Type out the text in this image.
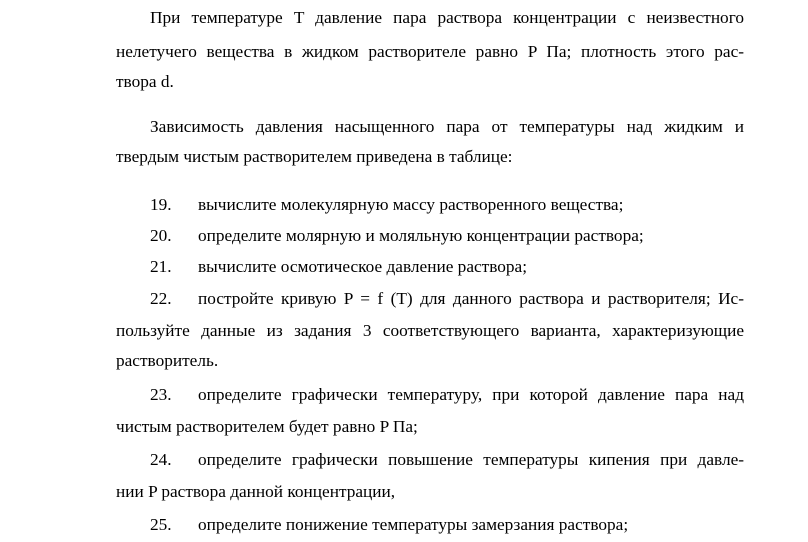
При температуре T давление пара раствора концентрации с неизвестного
нелетучего вещества в жидком растворителе равно P Па; плотность этого рас-
твора d.
Зависимость давления насыщенного пара от температуры над жидким и
твердым чистым растворителем приведена в таблице:
19. вычислите молекулярную массу растворенного вещества;
20. определите молярную и моляльную концентрации раствора;
21. вычислите осмотическое давление раствора;
22. постройте кривую P = f (T) для данного раствора и растворителя; Ис-
пользуйте данные из задания 3 соответствующего варианта, характеризующие
растворитель.
23. определите графически температуру, при которой давление пара над
чистым растворителем будет равно P Па;
24. определите графически повышение температуры кипения при давле-
нии P раствора данной концентрации,
25. определите понижение температуры замерзания раствора;
